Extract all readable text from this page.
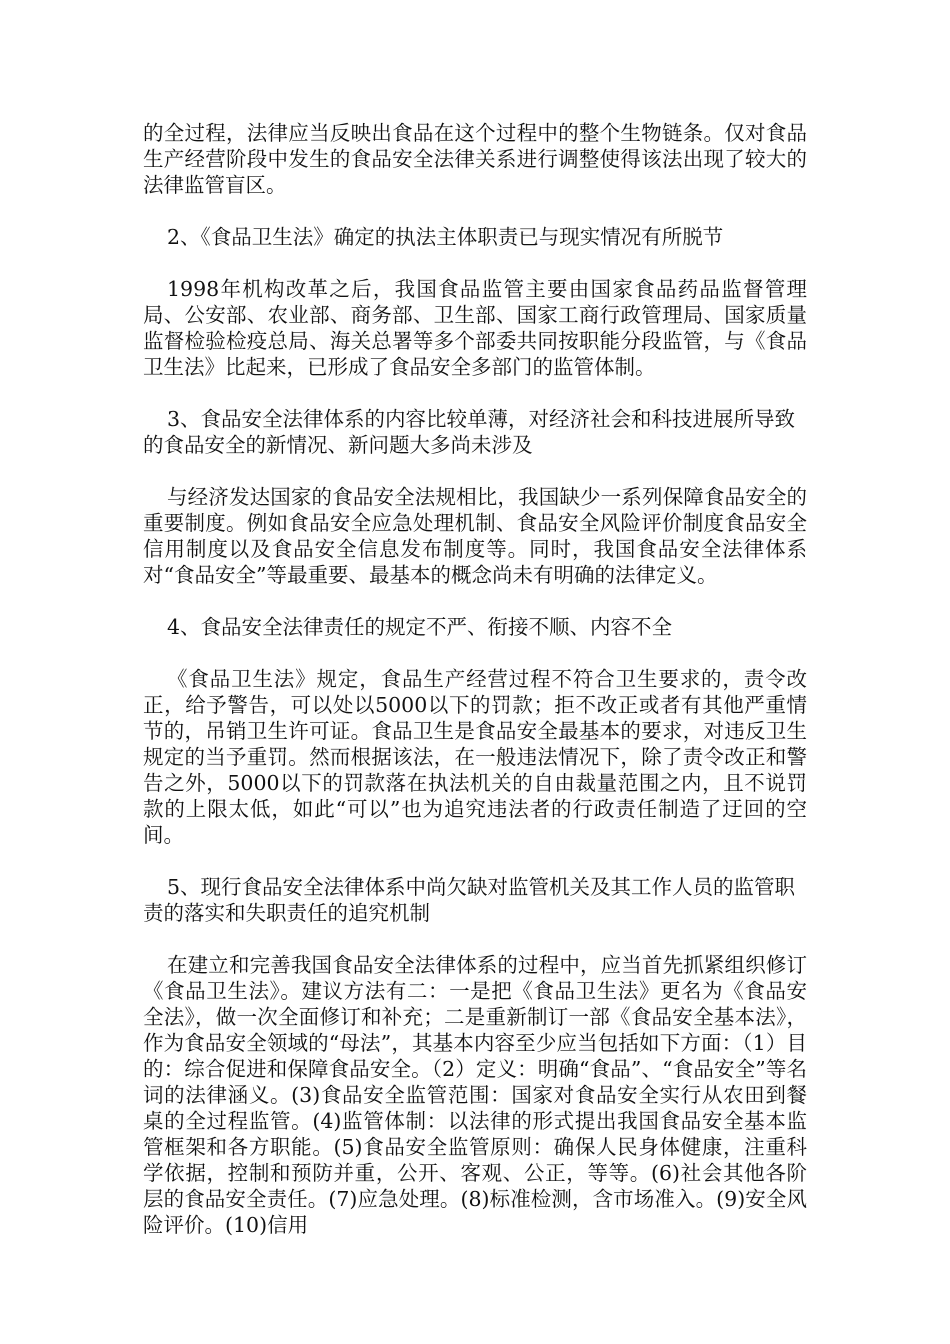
的全过程，法律应当反映出食品在这个过程中的整个生物链条。仅对食品生产经营阶段中发生的食品安全法律关系进行调整使得该法出现了较大的法律监管盲区。

2、《食品卫生法》确定的执法主体职责已与现实情况有所脱节

1998年机构改革之后，我国食品监管主要由国家食品药品监督管理局、公安部、农业部、商务部、卫生部、国家工商行政管理局、国家质量监督检验检疫总局、海关总署等多个部委共同按职能分段监管，与《食品卫生法》比起来，已形成了食品安全多部门的监管体制。

3、食品安全法律体系的内容比较单薄，对经济社会和科技进展所导致的食品安全的新情况、新问题大多尚未涉及

与经济发达国家的食品安全法规相比，我国缺少一系列保障食品安全的重要制度。例如食品安全应急处理机制、食品安全风险评价制度食品安全信用制度以及食品安全信息发布制度等。同时，我国食品安全法律体系对“食品安全”等最重要、最基本的概念尚未有明确的法律定义。

4、食品安全法律责任的规定不严、衔接不顺、内容不全

《食品卫生法》规定，食品生产经营过程不符合卫生要求的，责令改正，给予警告，可以处以5000以下的罚款；拒不改正或者有其他严重情节的，吊销卫生许可证。食品卫生是食品安全最基本的要求，对违反卫生规定的当予重罚。然而根据该法，在一般违法情况下，除了责令改正和警告之外，5000以下的罚款落在执法机关的自由裁量范围之内，且不说罚款的上限太低，如此“可以”也为追究违法者的行政责任制造了迂回的空间。

5、现行食品安全法律体系中尚欠缺对监管机关及其工作人员的监管职责的落实和失职责任的追究机制

在建立和完善我国食品安全法律体系的过程中，应当首先抓紧组织修订《食品卫生法》。建议方法有二：一是把《食品卫生法》更名为《食品安全法》，做一次全面修订和补充；二是重新制订一部《食品安全基本法》，作为食品安全领域的“母法”，其基本内容至少应当包括如下方面：（1）目的：综合促进和保障食品安全。（2）定义：明确“食品”、“食品安全”等名词的法律涵义。(3)食品安全监管范围：国家对食品安全实行从农田到餐桌的全过程监管。(4)监管体制：以法律的形式提出我国食品安全基本监管框架和各方职能。(5)食品安全监管原则：确保人民身体健康，注重科学依据，控制和预防并重，公开、客观、公正，等等。(6)社会其他各阶层的食品安全责任。(7)应急处理。(8)标准检测，含市场准入。(9)安全风险评价。(10)信用
